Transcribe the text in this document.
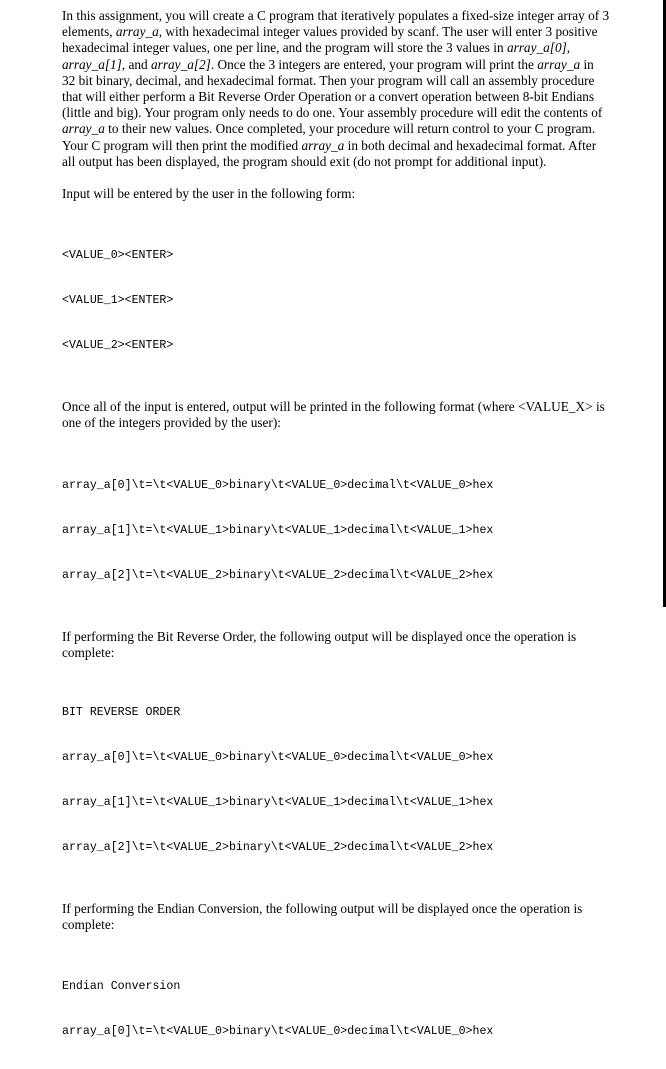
In this assignment, you will create a C program that iteratively populates a fixed-size integer array of 3 elements, array_a, with hexadecimal integer values provided by scanf. The user will enter 3 positive hexadecimal integer values, one per line, and the program will store the 3 values in array_a[0], array_a[1], and array_a[2]. Once the 3 integers are entered, your program will print the array_a in 32 bit binary, decimal, and hexadecimal format. Then your program will call an assembly procedure that will either perform a Bit Reverse Order Operation or a convert operation between 8-bit Endians (little and big). Your program only needs to do one. Your assembly procedure will edit the contents of array_a to their new values. Once completed, your procedure will return control to your C program. Your C program will then print the modified array_a in both decimal and hexadecimal format. After all output has been displayed, the program should exit (do not prompt for additional input).

Input will be entered by the user in the following form:

<VALUE_0><ENTER>

<VALUE_1><ENTER>

<VALUE_2><ENTER>

Once all of the input is entered, output will be printed in the following format (where <VALUE_X> is one of the integers provided by the user):

array_a[0]\t=\t<VALUE_0>binary\t<VALUE_0>decimal\t<VALUE_0>hex

array_a[1]\t=\t<VALUE_1>binary\t<VALUE_1>decimal\t<VALUE_1>hex

array_a[2]\t=\t<VALUE_2>binary\t<VALUE_2>decimal\t<VALUE_2>hex

If performing the Bit Reverse Order, the following output will be displayed once the operation is complete:

BIT REVERSE ORDER

array_a[0]\t=\t<VALUE_0>binary\t<VALUE_0>decimal\t<VALUE_0>hex

array_a[1]\t=\t<VALUE_1>binary\t<VALUE_1>decimal\t<VALUE_1>hex

array_a[2]\t=\t<VALUE_2>binary\t<VALUE_2>decimal\t<VALUE_2>hex

If performing the Endian Conversion, the following output will be displayed once the operation is complete:

Endian Conversion

array_a[0]\t=\t<VALUE_0>binary\t<VALUE_0>decimal\t<VALUE_0>hex
